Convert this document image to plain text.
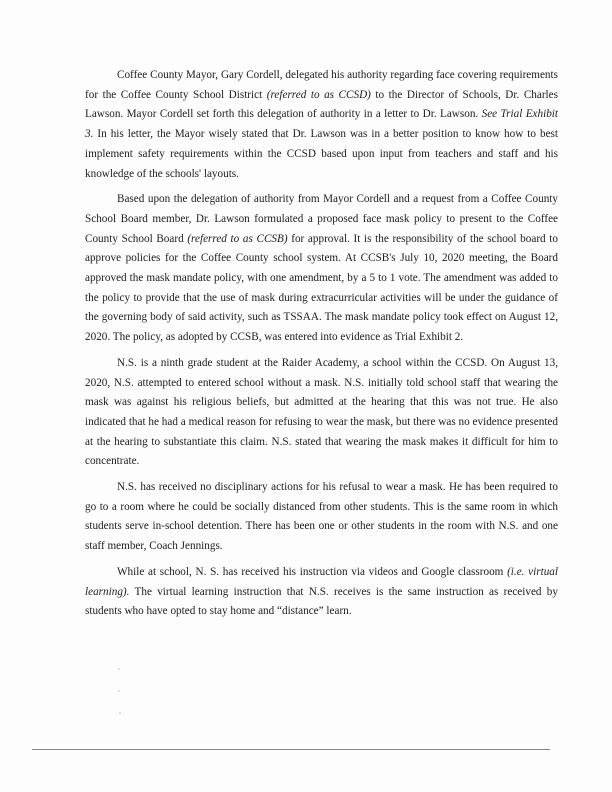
Coffee County Mayor, Gary Cordell, delegated his authority regarding face covering requirements for the Coffee County School District (referred to as CCSD) to the Director of Schools, Dr. Charles Lawson. Mayor Cordell set forth this delegation of authority in a letter to Dr. Lawson. See Trial Exhibit 3. In his letter, the Mayor wisely stated that Dr. Lawson was in a better position to know how to best implement safety requirements within the CCSD based upon input from teachers and staff and his knowledge of the schools' layouts.

Based upon the delegation of authority from Mayor Cordell and a request from a Coffee County School Board member, Dr. Lawson formulated a proposed face mask policy to present to the Coffee County School Board (referred to as CCSB) for approval. It is the responsibility of the school board to approve policies for the Coffee County school system. At CCSB's July 10, 2020 meeting, the Board approved the mask mandate policy, with one amendment, by a 5 to 1 vote. The amendment was added to the policy to provide that the use of mask during extracurricular activities will be under the guidance of the governing body of said activity, such as TSSAA. The mask mandate policy took effect on August 12, 2020. The policy, as adopted by CCSB, was entered into evidence as Trial Exhibit 2.

N.S. is a ninth grade student at the Raider Academy, a school within the CCSD. On August 13, 2020, N.S. attempted to entered school without a mask. N.S. initially told school staff that wearing the mask was against his religious beliefs, but admitted at the hearing that this was not true. He also indicated that he had a medical reason for refusing to wear the mask, but there was no evidence presented at the hearing to substantiate this claim. N.S. stated that wearing the mask makes it difficult for him to concentrate.

N.S. has received no disciplinary actions for his refusal to wear a mask. He has been required to go to a room where he could be socially distanced from other students. This is the same room in which students serve in-school detention. There has been one or other students in the room with N.S. and one staff member, Coach Jennings.

While at school, N. S. has received his instruction via videos and Google classroom (i.e. virtual learning). The virtual learning instruction that N.S. receives is the same instruction as received by students who have opted to stay home and “distance” learn.
